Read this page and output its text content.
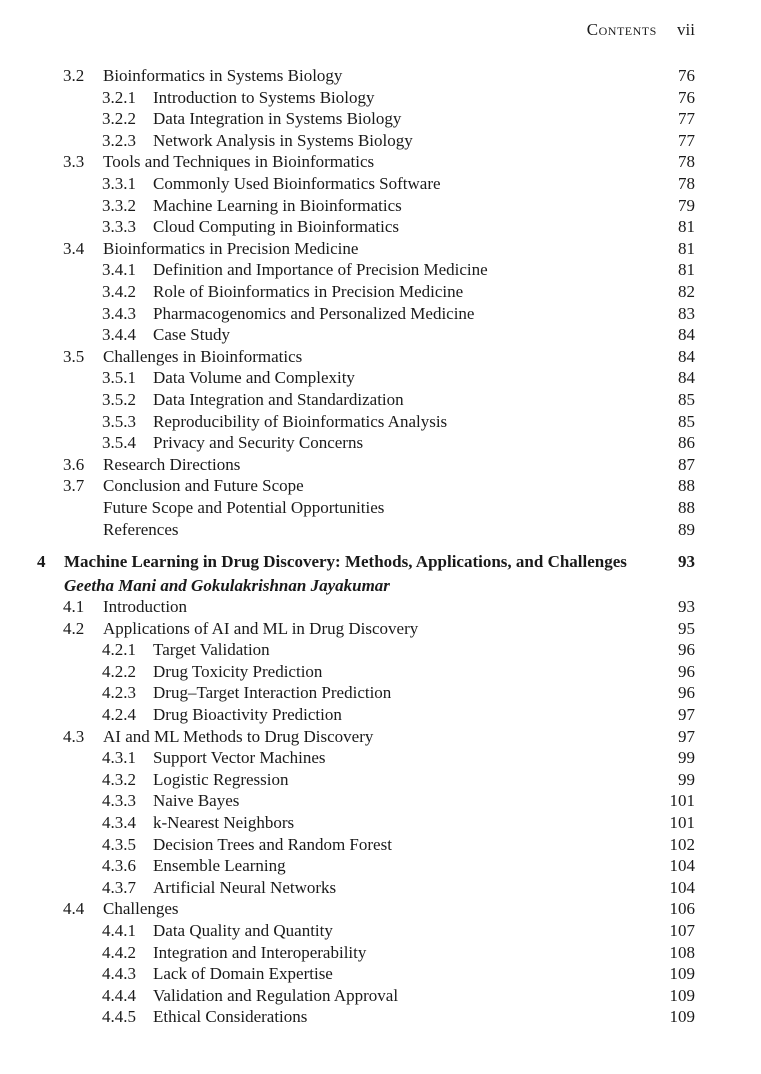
Contents vii
3.2 Bioinformatics in Systems Biology	76
3.2.1 Introduction to Systems Biology	76
3.2.2 Data Integration in Systems Biology	77
3.2.3 Network Analysis in Systems Biology	77
3.3 Tools and Techniques in Bioinformatics	78
3.3.1 Commonly Used Bioinformatics Software	78
3.3.2 Machine Learning in Bioinformatics	79
3.3.3 Cloud Computing in Bioinformatics	81
3.4 Bioinformatics in Precision Medicine	81
3.4.1 Definition and Importance of Precision Medicine	81
3.4.2 Role of Bioinformatics in Precision Medicine	82
3.4.3 Pharmacogenomics and Personalized Medicine	83
3.4.4 Case Study	84
3.5 Challenges in Bioinformatics	84
3.5.1 Data Volume and Complexity	84
3.5.2 Data Integration and Standardization	85
3.5.3 Reproducibility of Bioinformatics Analysis	85
3.5.4 Privacy and Security Concerns	86
3.6 Research Directions	87
3.7 Conclusion and Future Scope	88
Future Scope and Potential Opportunities	88
References	89
4 Machine Learning in Drug Discovery: Methods, Applications, and Challenges	93
Geetha Mani and Gokulakrishnan Jayakumar
4.1 Introduction	93
4.2 Applications of AI and ML in Drug Discovery	95
4.2.1 Target Validation	96
4.2.2 Drug Toxicity Prediction	96
4.2.3 Drug–Target Interaction Prediction	96
4.2.4 Drug Bioactivity Prediction	97
4.3 AI and ML Methods to Drug Discovery	97
4.3.1 Support Vector Machines	99
4.3.2 Logistic Regression	99
4.3.3 Naive Bayes	101
4.3.4 k-Nearest Neighbors	101
4.3.5 Decision Trees and Random Forest	102
4.3.6 Ensemble Learning	104
4.3.7 Artificial Neural Networks	104
4.4 Challenges	106
4.4.1 Data Quality and Quantity	107
4.4.2 Integration and Interoperability	108
4.4.3 Lack of Domain Expertise	109
4.4.4 Validation and Regulation Approval	109
4.4.5 Ethical Considerations	109
